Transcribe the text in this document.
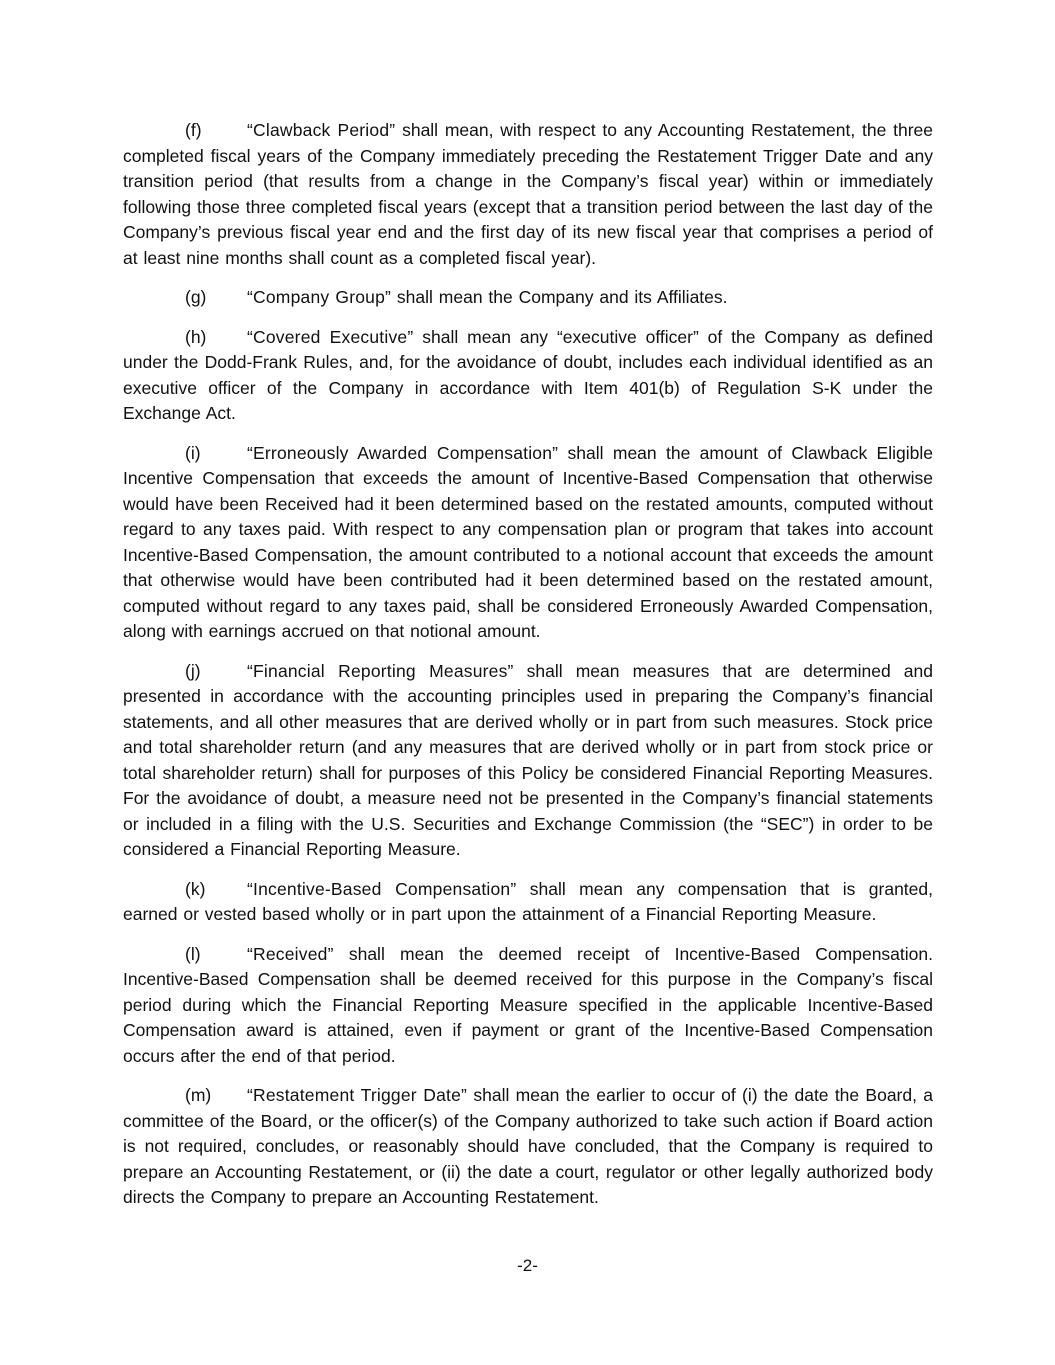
(f)	“Clawback Period” shall mean, with respect to any Accounting Restatement, the three completed fiscal years of the Company immediately preceding the Restatement Trigger Date and any transition period (that results from a change in the Company’s fiscal year) within or immediately following those three completed fiscal years (except that a transition period between the last day of the Company’s previous fiscal year end and the first day of its new fiscal year that comprises a period of at least nine months shall count as a completed fiscal year).

(g) “Company Group” shall mean the Company and its Affiliates.

(h) “Covered Executive” shall mean any “executive officer” of the Company as defined under the Dodd-Frank Rules, and, for the avoidance of doubt, includes each individual identified as an executive officer of the Company in accordance with Item 401(b) of Regulation S-K under the Exchange Act.

(i)	“Erroneously Awarded Compensation” shall mean the amount of Clawback Eligible Incentive Compensation that exceeds the amount of Incentive-Based Compensation that otherwise would have been Received had it been determined based on the restated amounts, computed without regard to any taxes paid. With respect to any compensation plan or program that takes into account Incentive-Based Compensation, the amount contributed to a notional account that exceeds the amount that otherwise would have been contributed had it been determined based on the restated amount, computed without regard to any taxes paid, shall be considered Erroneously Awarded Compensation, along with earnings accrued on that notional amount.

(j)	“Financial Reporting Measures” shall mean measures that are determined and presented in accordance with the accounting principles used in preparing the Company’s financial statements, and all other measures that are derived wholly or in part from such measures. Stock price and total shareholder return (and any measures that are derived wholly or in part from stock price or total shareholder return) shall for purposes of this Policy be considered Financial Reporting Measures. For the avoidance of doubt, a measure need not be presented in the Company’s financial statements or included in a filing with the U.S. Securities and Exchange Commission (the “SEC”) in order to be considered a Financial Reporting Measure.

(k) “Incentive-Based Compensation” shall mean any compensation that is granted, earned or vested based wholly or in part upon the attainment of a Financial Reporting Measure.

(l)	“Received” shall mean the deemed receipt of Incentive-Based Compensation. Incentive-Based Compensation shall be deemed received for this purpose in the Company’s fiscal period during which the Financial Reporting Measure specified in the applicable Incentive-Based Compensation award is attained, even if payment or grant of the Incentive-Based Compensation occurs after the end of that period.

(m) “Restatement Trigger Date” shall mean the earlier to occur of (i) the date the Board, a committee of the Board, or the officer(s) of the Company authorized to take such action if Board action is not required, concludes, or reasonably should have concluded, that the Company is required to prepare an Accounting Restatement, or (ii) the date a court, regulator or other legally authorized body directs the Company to prepare an Accounting Restatement.

-2-
